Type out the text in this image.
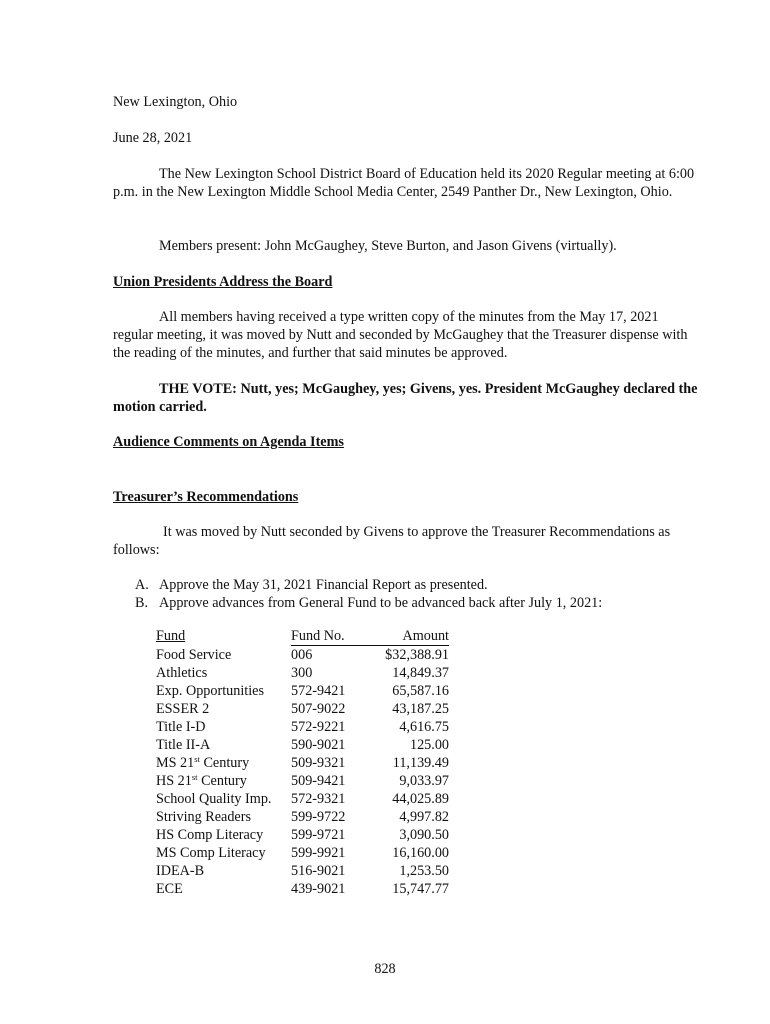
New Lexington, Ohio

June 28, 2021

The New Lexington School District Board of Education held its 2020 Regular meeting at 6:00 p.m. in the New Lexington Middle School Media Center, 2549 Panther Dr., New Lexington, Ohio.

Members present: John McGaughey, Steve Burton, and Jason Givens (virtually).

Union Presidents Address the Board

All members having received a type written copy of the minutes from the May 17, 2021 regular meeting, it was moved by Nutt and seconded by McGaughey that the Treasurer dispense with the reading of the minutes, and further that said minutes be approved.

THE VOTE: Nutt, yes; McGaughey, yes; Givens, yes. President McGaughey declared the motion carried.

Audience Comments on Agenda Items

Treasurer’s Recommendations

It was moved by Nutt seconded by Givens to approve the Treasurer Recommendations as follows:

A. Approve the May 31, 2021 Financial Report as presented.
B. Approve advances from General Fund to be advanced back after July 1, 2021:
Fund	Fund No.	Amount
Food Service	006	$32,388.91
Athletics	300	14,849.37
Exp. Opportunities	572-9421	65,587.16
ESSER 2	507-9022	43,187.25
Title I-D	572-9221	4,616.75
Title II-A	590-9021	125.00
MS 21st Century	509-9321	11,139.49
HS 21st Century	509-9421	9,033.97
School Quality Imp.	572-9321	44,025.89
Striving Readers	599-9722	4,997.82
HS Comp Literacy	599-9721	3,090.50
MS Comp Literacy	599-9921	16,160.00
IDEA-B	516-9021	1,253.50
ECE	439-9021	15,747.77
828
